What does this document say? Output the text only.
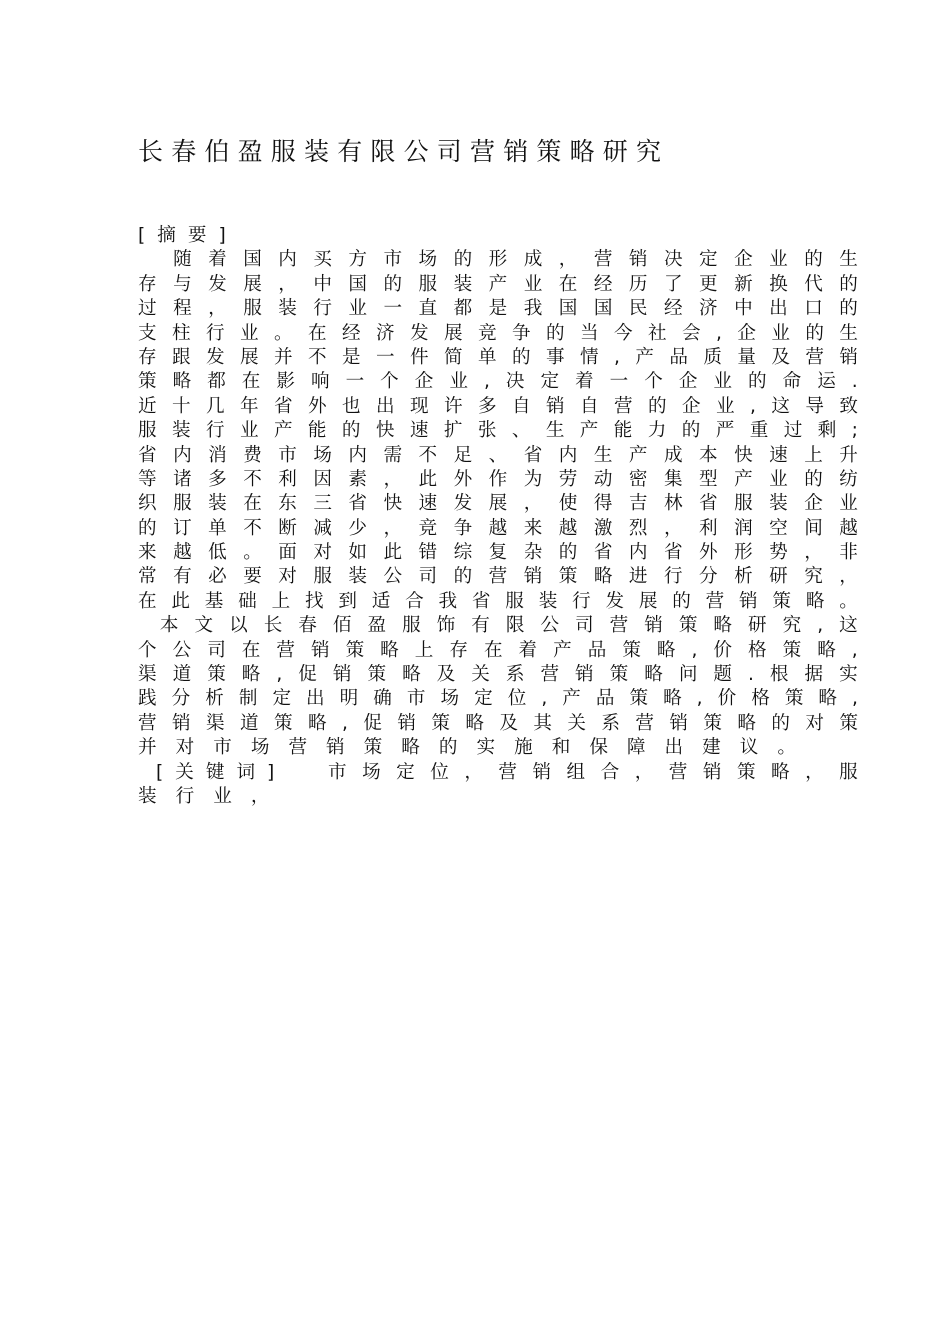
长春伯盈服装有限公司营销策略研究
[摘要]

随 着 国 内 买 方 市 场 的 形 成 ， 营 销 决 定 企 业 的 生
存 与 发 展 ， 中 国 的 服 装 产 业 在 经 历 了 更 新 换 代 的
过 程 ， 服 装 行 业 一 直 都 是 我 国 国 民 经 济 中 出 口 的
支 柱 行 业 。 在 经 济 发 展 竞 争 的 当 今 社 会 , 企 业 的 生
存 跟 发 展 并 不 是 一 件 简 单 的 事 情 , 产 品 质 量 及 营 销
策 略 都 在 影 响 一 个 企 业 , 决 定 着 一 个 企 业 的 命 运 .
近 十 几 年 省 外 也 出 现 许 多 自 销 自 营 的 企 业 , 这 导 致
服 装 行 业 产 能 的 快 速 扩 张 、 生 产 能 力 的 严 重 过 剩 ;
省 内 消 费 市 场 内 需 不 足 、 省 内 生 产 成 本 快 速 上 升
等 诸 多 不 利 因 素 ， 此 外 作 为 劳 动 密 集 型 产 业 的 纺
织 服 装 在 东 三 省 快 速 发 展 ， 使 得 吉 林 省 服 装 企 业
的 订 单 不 断 减 少 ， 竞 争 越 来 越 激 烈 ， 利 润 空 间 越
来 越 低 。 面 对 如 此 错 综 复 杂 的 省 内 省 外 形 势 ， 非
常 有 必 要 对 服 装 公 司 的 营 销 策 略 进 行 分 析 研 究 ，
在 此 基 础 上 找 到 适 合 我 省 服 装 行 发 展 的 营 销 策 略 。

本 文 以 长 春 佰 盈 服 饰 有 限 公 司 营 销 策 略 研 究 , 这
个 公 司 在 营 销 策 略 上 存 在 着 产 品 策 略 , 价 格 策 略 ,
渠 道 策 略 , 促 销 策 略 及 关 系 营 销 策 略 问 题 . 根 据 实
践 分 析 制 定 出 明 确 市 场 定 位 , 产 品 策 略 , 价 格 策 略 ,
营 销 渠 道 策 略 , 促 销 策 略 及 其 关 系 营 销 策 略 的 对 策
并 对 市 场 营 销 策 略 的 实 施 和 保 障 出 建 议 。
[关键词] 市 场 定 位 ， 营 销 组 合 ， 营 销 策 略 ， 服
装 行 业 ，
